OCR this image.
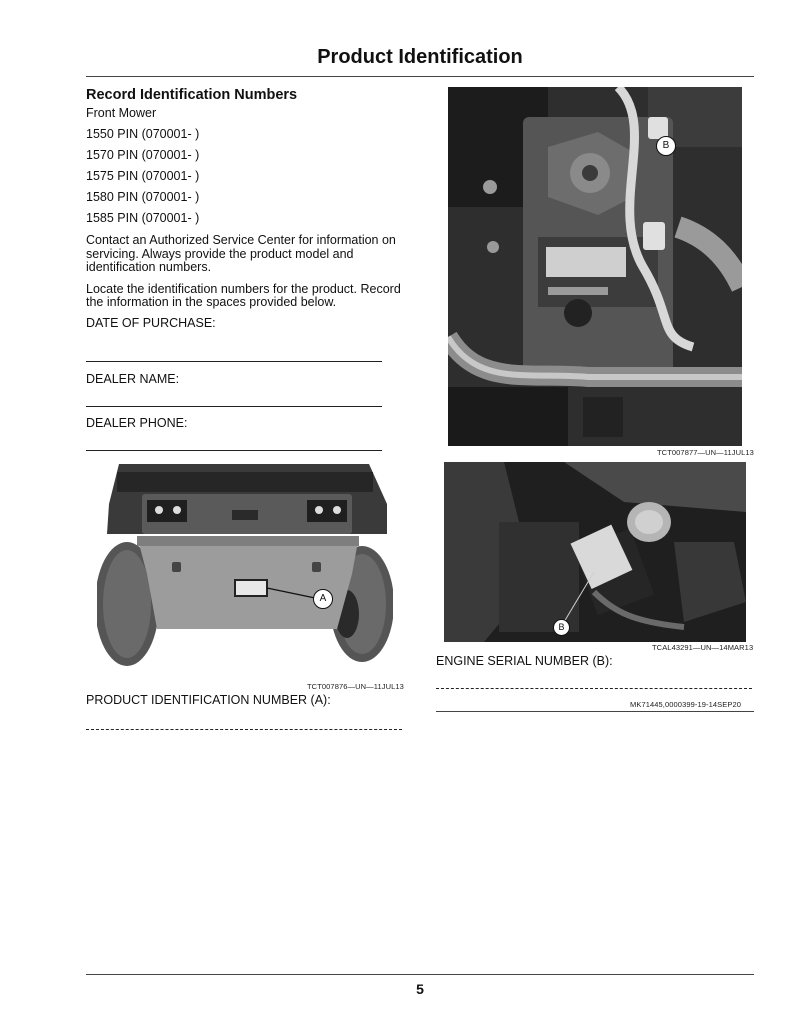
Product Identification
Record Identification Numbers

Front Mower

1550 PIN (070001- )

1570 PIN (070001- )

1575 PIN (070001- )

1580 PIN (070001- )

1585 PIN (070001- )

Contact an Authorized Service Center for information on servicing. Always provide the product model and identification numbers.

Locate the identification numbers for the product. Record the information in the spaces provided below.

DATE OF PURCHASE:

DEALER NAME:
DEALER PHONE:
A
TCT007876—UN—11JUL13
PRODUCT IDENTIFICATION NUMBER (A):
B
TCT007877—UN—11JUL13
B
TCAL43291—UN—14MAR13
ENGINE SERIAL NUMBER (B):
MK71445,0000399-19-14SEP20
5
